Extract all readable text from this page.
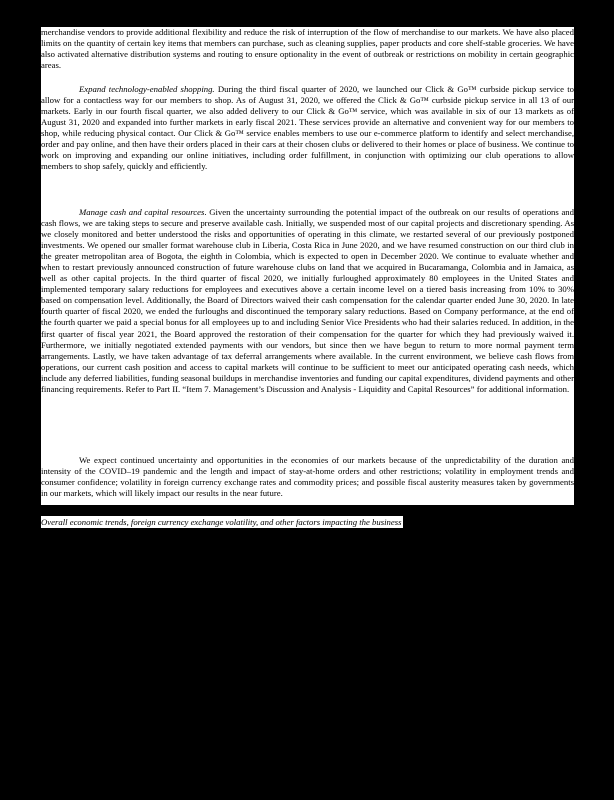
merchandise vendors to provide additional flexibility and reduce the risk of interruption of the flow of merchandise to our markets. We have also placed limits on the quantity of certain key items that members can purchase, such as cleaning supplies, paper products and core shelf-stable groceries. We have also activated alternative distribution systems and routing to ensure optionality in the event of outbreak or restrictions on mobility in certain geographic areas.

Expand technology-enabled shopping. During the third fiscal quarter of 2020, we launched our Click & Go™ curbside pickup service to allow for a contactless way for our members to shop. As of August 31, 2020, we offered the Click & Go™ curbside pickup service in all 13 of our markets. Early in our fourth fiscal quarter, we also added delivery to our Click & Go™ service, which was available in six of our 13 markets as of August 31, 2020 and expanded into further markets in early fiscal 2021. These services provide an alternative and convenient way for our members to shop, while reducing physical contact. Our Click & Go™ service enables members to use our e-commerce platform to identify and select merchandise, order and pay online, and then have their orders placed in their cars at their chosen clubs or delivered to their homes or place of business. We continue to work on improving and expanding our online initiatives, including order fulfillment, in conjunction with optimizing our club operations to allow members to shop safely, quickly and efficiently.

Manage cash and capital resources. Given the uncertainty surrounding the potential impact of the outbreak on our results of operations and cash flows, we are taking steps to secure and preserve available cash. Initially, we suspended most of our capital projects and discretionary spending. As we closely monitored and better understood the risks and opportunities of operating in this climate, we restarted several of our previously postponed investments. We opened our smaller format warehouse club in Liberia, Costa Rica in June 2020, and we have resumed construction on our third club in the greater metropolitan area of Bogota, the eighth in Colombia, which is expected to open in December 2020. We continue to evaluate whether and when to restart previously announced construction of future warehouse clubs on land that we acquired in Bucaramanga, Colombia and in Jamaica, as well as other capital projects. In the third quarter of fiscal 2020, we initially furloughed approximately 80 employees in the United States and implemented temporary salary reductions for employees and executives above a certain income level on a tiered basis increasing from 10% to 30% based on compensation level. Additionally, the Board of Directors waived their cash compensation for the calendar quarter ended June 30, 2020. In late fourth quarter of fiscal 2020, we ended the furloughs and discontinued the temporary salary reductions. Based on Company performance, at the end of the fourth quarter we paid a special bonus for all employees up to and including Senior Vice Presidents who had their salaries reduced. In addition, in the first quarter of fiscal year 2021, the Board approved the restoration of their compensation for the quarter for which they had previously waived it. Furthermore, we initially negotiated extended payments with our vendors, but since then we have begun to return to more normal payment term arrangements. Lastly, we have taken advantage of tax deferral arrangements where available. In the current environment, we believe cash flows from operations, our current cash position and access to capital markets will continue to be sufficient to meet our anticipated operating cash needs, which include any deferred liabilities, funding seasonal buildups in merchandise inventories and funding our capital expenditures, dividend payments and other financing requirements. Refer to Part II. “Item 7. Management’s Discussion and Analysis - Liquidity and Capital Resources” for additional information.

We expect continued uncertainty and opportunities in the economies of our markets because of the unpredictability of the duration and intensity of the COVID–19 pandemic and the length and impact of stay-at-home orders and other restrictions; volatility in employment trends and consumer confidence; volatility in foreign currency exchange rates and commodity prices; and possible fiscal austerity measures taken by governments in our markets, which will likely impact our results in the near future.

Overall economic trends, foreign currency exchange volatility, and other factors impacting the business
